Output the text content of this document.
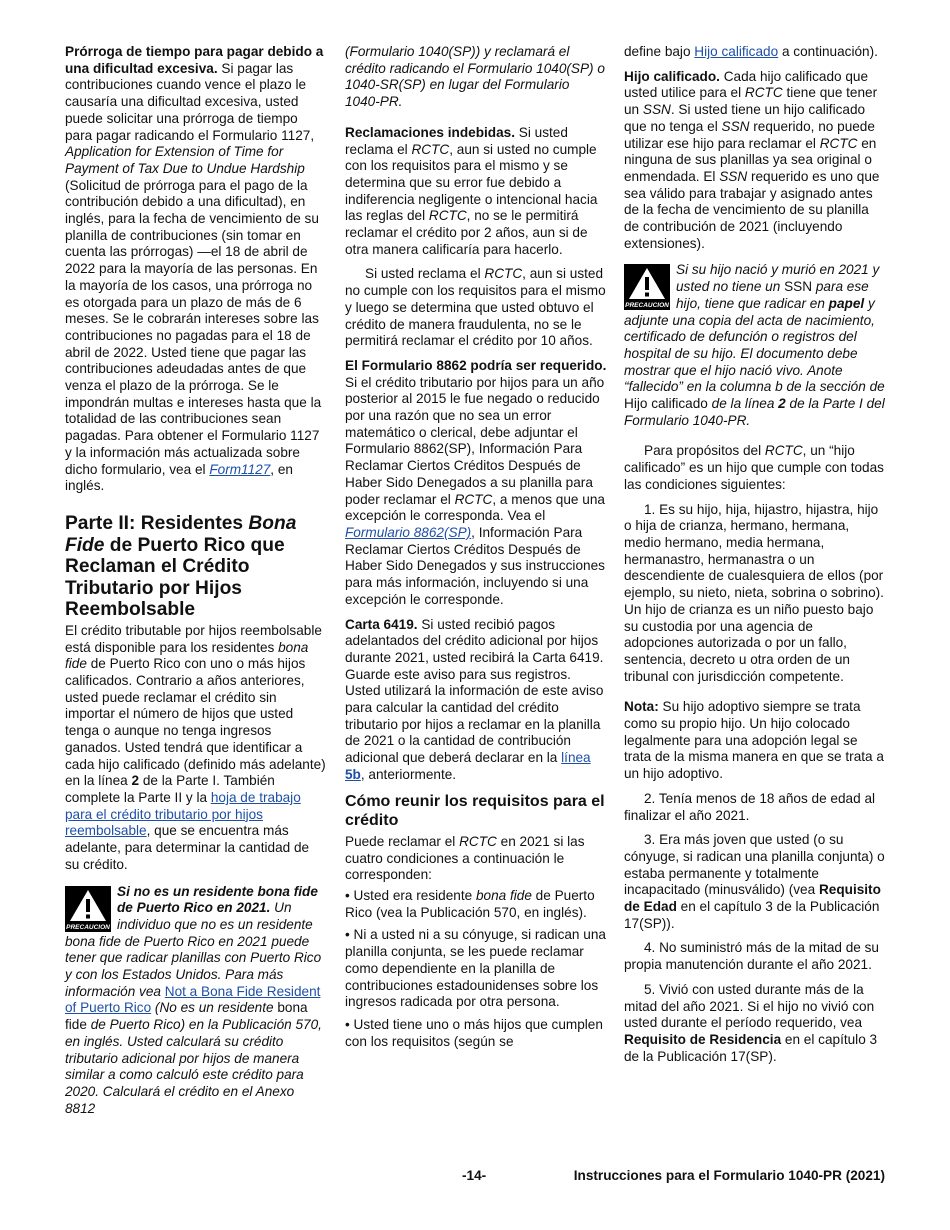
Prórroga de tiempo para pagar debido a una dificultad excesiva. Si pagar las contribuciones cuando vence el plazo le causaría una dificultad excesiva, usted puede solicitar una prórroga de tiempo para pagar radicando el Formulario 1127, Application for Extension of Time for Payment of Tax Due to Undue Hardship (Solicitud de prórroga para el pago de la contribución debido a una dificultad), en inglés, para la fecha de vencimiento de su planilla de contribuciones (sin tomar en cuenta las prórrogas) —el 18 de abril de 2022 para la mayoría de las personas. En la mayoría de los casos, una prórroga no es otorgada para un plazo de más de 6 meses. Se le cobrarán intereses sobre las contribuciones no pagadas para el 18 de abril de 2022. Usted tiene que pagar las contribuciones adeudadas antes de que venza el plazo de la prórroga. Se le impondrán multas e intereses hasta que la totalidad de las contribuciones sean pagadas. Para obtener el Formulario 1127 y la información más actualizada sobre dicho formulario, vea el Form1127, en inglés.

Parte II: Residentes Bona Fide de Puerto Rico que Reclaman el Crédito Tributario por Hijos Reembolsable

El crédito tributable por hijos reembolsable está disponible para los residentes bona fide de Puerto Rico con uno o más hijos calificados. Contrario a años anteriores, usted puede reclamar el crédito sin importar el número de hijos que usted tenga o aunque no tenga ingresos ganados. Usted tendrá que identificar a cada hijo calificado (definido más adelante) en la línea 2 de la Parte I. También complete la Parte II y la hoja de trabajo para el crédito tributario por hijos reembolsable, que se encuentra más adelante, para determinar la cantidad de su crédito.

PRECAUCION
Si no es un residente bona fide de Puerto Rico en 2021. Un individuo que no es un residente bona fide de Puerto Rico en 2021 puede tener que radicar planillas con Puerto Rico y con los Estados Unidos. Para más información vea Not a Bona Fide Resident of Puerto Rico (No es un residente bona fide de Puerto Rico) en la Publicación 570, en inglés. Usted calculará su crédito tributario adicional por hijos de manera similar a como calculó este crédito para 2020. Calculará el crédito en el Anexo 8812

(Formulario 1040(SP)) y reclamará el crédito radicando el Formulario 1040(SP) o 1040-SR(SP) en lugar del Formulario 1040-PR.

Reclamaciones indebidas. Si usted reclama el RCTC, aun si usted no cumple con los requisitos para el mismo y se determina que su error fue debido a indiferencia negligente o intencional hacia las reglas del RCTC, no se le permitirá reclamar el crédito por 2 años, aun si de otra manera calificaría para hacerlo.

Si usted reclama el RCTC, aun si usted no cumple con los requisitos para el mismo y luego se determina que usted obtuvo el crédito de manera fraudulenta, no se le permitirá reclamar el crédito por 10 años.

El Formulario 8862 podría ser requerido. Si el crédito tributario por hijos para un año posterior al 2015 le fue negado o reducido por una razón que no sea un error matemático o clerical, debe adjuntar el Formulario 8862(SP), Información Para Reclamar Ciertos Créditos Después de Haber Sido Denegados a su planilla para poder reclamar el RCTC, a menos que una excepción le corresponda. Vea el Formulario 8862(SP), Información Para Reclamar Ciertos Créditos Después de Haber Sido Denegados y sus instrucciones para más información, incluyendo si una excepción le corresponde.

Carta 6419. Si usted recibió pagos adelantados del crédito adicional por hijos durante 2021, usted recibirá la Carta 6419. Guarde este aviso para sus registros. Usted utilizará la información de este aviso para calcular la cantidad del crédito tributario por hijos a reclamar en la planilla de 2021 o la cantidad de contribución adicional que deberá declarar en la línea 5b, anteriormente.

Cómo reunir los requisitos para el crédito

Puede reclamar el RCTC en 2021 si las cuatro condiciones a continuación le corresponden:

• Usted era residente bona fide de Puerto Rico (vea la Publicación 570, en inglés).

• Ni a usted ni a su cónyuge, si radican una planilla conjunta, se les puede reclamar como dependiente en la planilla de contribuciones estadounidenses sobre los ingresos radicada por otra persona.

• Usted tiene uno o más hijos que cumplen con los requisitos (según se

define bajo Hijo calificado a continuación).

Hijo calificado. Cada hijo calificado que usted utilice para el RCTC tiene que tener un SSN. Si usted tiene un hijo calificado que no tenga el SSN requerido, no puede utilizar ese hijo para reclamar el RCTC en ninguna de sus planillas ya sea original o enmendada. El SSN requerido es uno que sea válido para trabajar y asignado antes de la fecha de vencimiento de su planilla de contribución de 2021 (incluyendo extensiones).

PRECAUCION
Si su hijo nació y murió en 2021 y usted no tiene un SSN para ese hijo, tiene que radicar en papel y adjunte una copia del acta de nacimiento, certificado de defunción o registros del hospital de su hijo. El documento debe mostrar que el hijo nació vivo. Anote “fallecido” en la columna b de la sección de Hijo calificado de la línea 2 de la Parte I del Formulario 1040-PR.

Para propósitos del RCTC, un “hijo calificado” es un hijo que cumple con todas las condiciones siguientes:

1. Es su hijo, hija, hijastro, hijastra, hijo o hija de crianza, hermano, hermana, medio hermano, media hermana, hermanastro, hermanastra o un descendiente de cualesquiera de ellos (por ejemplo, su nieto, nieta, sobrina o sobrino). Un hijo de crianza es un niño puesto bajo su custodia por una agencia de adopciones autorizada o por un fallo, sentencia, decreto u otra orden de un tribunal con jurisdicción competente.

Nota: Su hijo adoptivo siempre se trata como su propio hijo. Un hijo colocado legalmente para una adopción legal se trata de la misma manera en que se trata a un hijo adoptivo.

2. Tenía menos de 18 años de edad al finalizar el año 2021.

3. Era más joven que usted (o su cónyuge, si radican una planilla conjunta) o estaba permanente y totalmente incapacitado (minusválido) (vea Requisito de Edad en el capítulo 3 de la Publicación 17(SP)).

4. No suministró más de la mitad de su propia manutención durante el año 2021.

5. Vivió con usted durante más de la mitad del año 2021. Si el hijo no vivió con usted durante el período requerido, vea Requisito de Residencia en el capítulo 3 de la Publicación 17(SP).

-14-	Instrucciones para el Formulario 1040-PR (2021)
